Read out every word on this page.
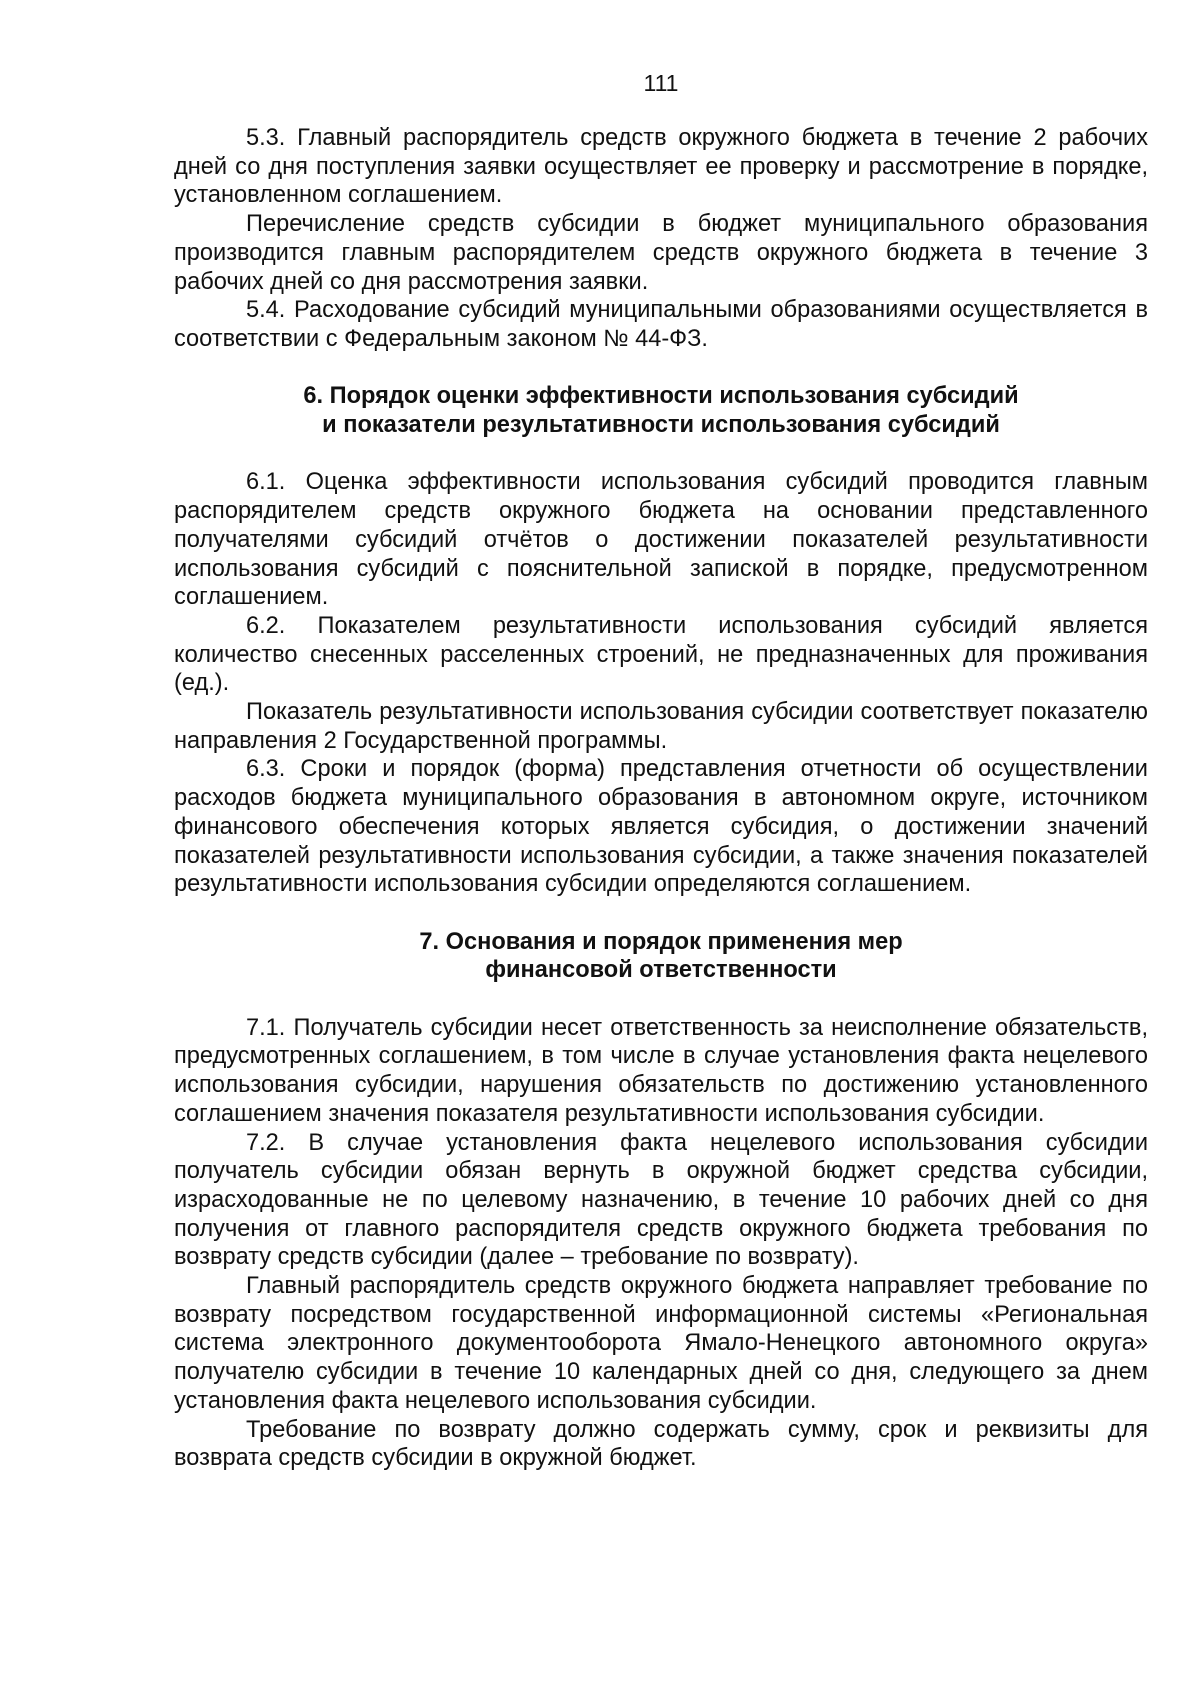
111

5.3. Главный распорядитель средств окружного бюджета в течение 2 рабочих дней со дня поступления заявки осуществляет ее проверку и рассмотрение в порядке, установленном соглашением.

Перечисление средств субсидии в бюджет муниципального образования производится главным распорядителем средств окружного бюджета в течение 3 рабочих дней со дня рассмотрения заявки.

5.4. Расходование субсидий муниципальными образованиями осуществляется в соответствии с Федеральным законом № 44-ФЗ.

6. Порядок оценки эффективности использования субсидий
и показатели результативности использования субсидий

6.1. Оценка эффективности использования субсидий проводится главным распорядителем средств окружного бюджета на основании представленного получателями субсидий отчётов о достижении показателей результативности использования субсидий с пояснительной запиской в порядке, предусмотренном соглашением.

6.2. Показателем результативности использования субсидий является количество снесенных расселенных строений, не предназначенных для проживания (ед.).

Показатель результативности использования субсидии соответствует показателю направления 2 Государственной программы.

6.3. Сроки и порядок (форма) представления отчетности об осуществлении расходов бюджета муниципального образования в автономном округе, источником финансового обеспечения которых является субсидия, о достижении значений показателей результативности использования субсидии, а также значения показателей результативности использования субсидии определяются соглашением.

7. Основания и порядок применения мер
финансовой ответственности

7.1. Получатель субсидии несет ответственность за неисполнение обязательств, предусмотренных соглашением, в том числе в случае установления факта нецелевого использования субсидии, нарушения обязательств по достижению установленного соглашением значения показателя результативности использования субсидии.

7.2. В случае установления факта нецелевого использования субсидии получатель субсидии обязан вернуть в окружной бюджет средства субсидии, израсходованные не по целевому назначению, в течение 10 рабочих дней со дня получения от главного распорядителя средств окружного бюджета требования по возврату средств субсидии (далее – требование по возврату).

Главный распорядитель средств окружного бюджета направляет требование по возврату посредством государственной информационной системы «Региональная система электронного документооборота Ямало-Ненецкого автономного округа» получателю субсидии в течение 10 календарных дней со дня, следующего за днем установления факта нецелевого использования субсидии.

Требование по возврату должно содержать сумму, срок и реквизиты для возврата средств субсидии в окружной бюджет.
